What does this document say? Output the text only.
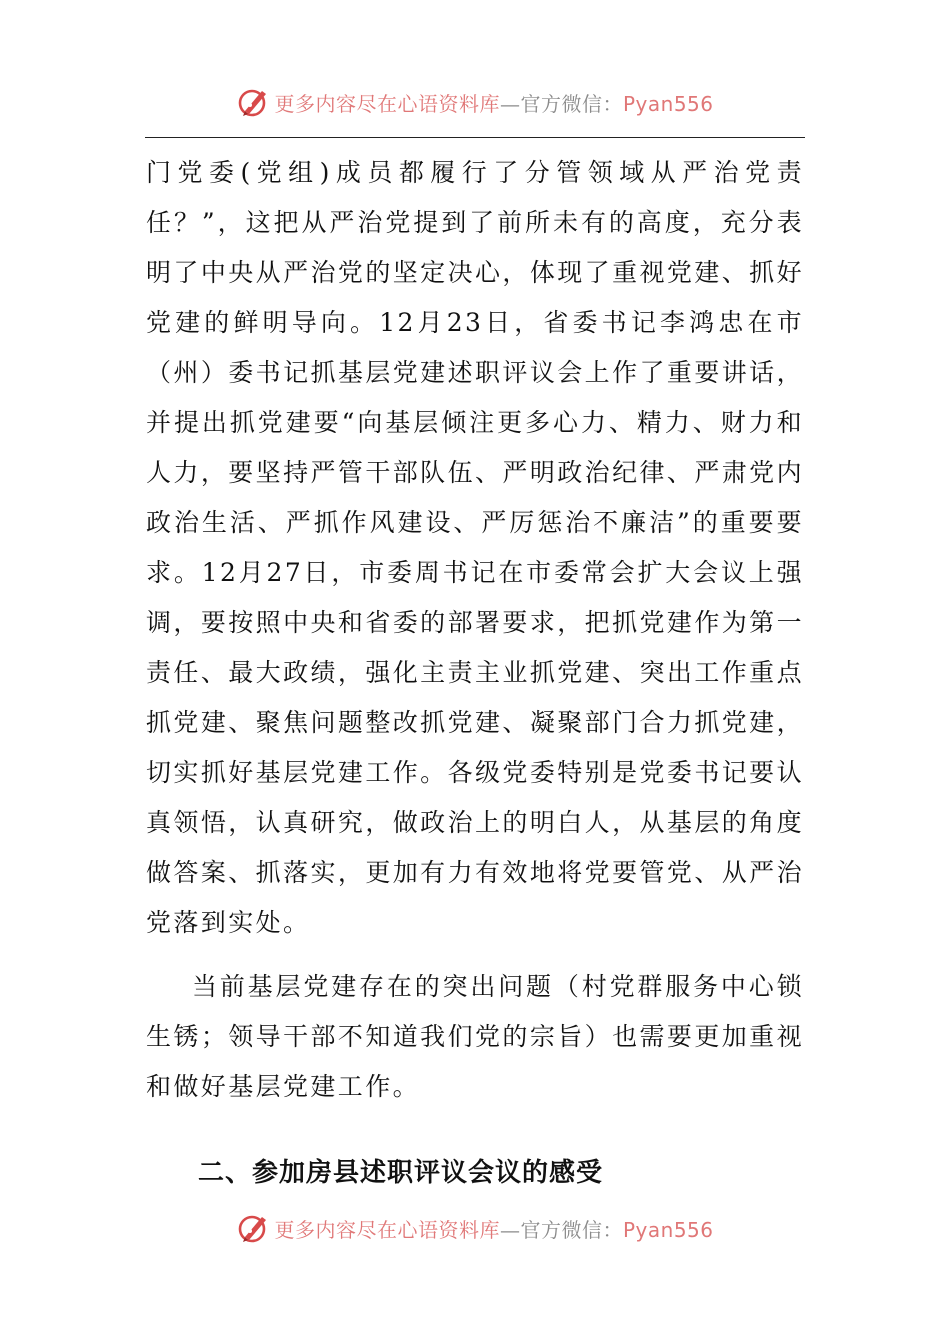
更多内容尽在心语资料库—官方微信：Pyan556

门党委(党组)成员都履行了分管领域从严治党责任？”，这把从严治党提到了前所未有的高度，充分表明了中央从严治党的坚定决心，体现了重视党建、抓好党建的鲜明导向。12月23日，省委书记李鸿忠在市（州）委书记抓基层党建述职评议会上作了重要讲话，并提出抓党建要“向基层倾注更多心力、精力、财力和人力，要坚持严管干部队伍、严明政治纪律、严肃党内政治生活、严抓作风建设、严厉惩治不廉洁”的重要要求。12月27日，市委周书记在市委常会扩大会议上强调，要按照中央和省委的部署要求，把抓党建作为第一责任、最大政绩，强化主责主业抓党建、突出工作重点抓党建、聚焦问题整改抓党建、凝聚部门合力抓党建，切实抓好基层党建工作。各级党委特别是党委书记要认真领悟，认真研究，做政治上的明白人，从基层的角度做答案、抓落实，更加有力有效地将党要管党、从严治党落到实处。

当前基层党建存在的突出问题（村党群服务中心锁生锈；领导干部不知道我们党的宗旨）也需要更加重视和做好基层党建工作。

二、参加房县述职评议会议的感受
更多内容尽在心语资料库—官方微信：Pyan556
